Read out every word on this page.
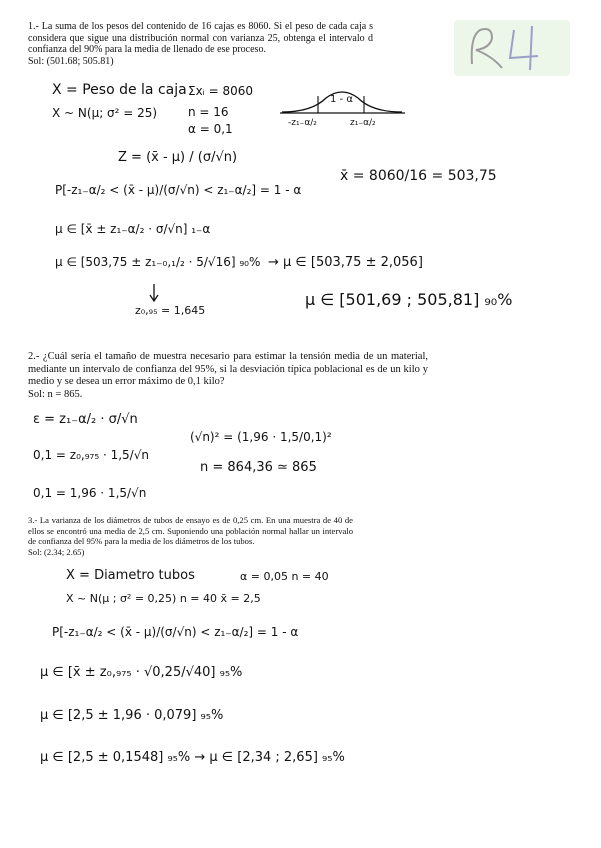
1.- La suma de los pesos del contenido de 16 cajas es 8060. Si el peso de cada caja s considera que sigue una distribución normal con varianza 25, obtenga el intervalo d confianza del 90% para la media de llenado de ese proceso.
Sol: (501.68; 505.81)

X = Peso de la caja
X ~ N(μ; σ² = 25)
Σxᵢ = 8060
n = 16
α = 0,1
1 - α
-z₁₋α/₂	z₁₋α/₂
Z = (x̄ - μ) / (σ/√n)
P[-z₁₋α/₂ < (x̄ - μ)/(σ/√n) < z₁₋α/₂] = 1 - α
x̄ = 8060/16 = 503,75
μ ∈ [x̄ ± z₁₋α/₂ · σ/√n] ₁₋α
μ ∈ [503,75 ± z₁₋₀,₁/₂ · 5/√16] ₉₀% → μ ∈ [503,75 ± 2,056]
z₀,₉₅ = 1,645
μ ∈ [501,69 ; 505,81] ₉₀%

2.- ¿Cuál sería el tamaño de muestra necesario para estimar la tensión media de un material, mediante un intervalo de confianza del 95%, si la desviación típica poblacional es de un kilo y medio y se desea un error máximo de 0,1 kilo?
Sol: n = 865.

ε = z₁₋α/₂ · σ/√n
0,1 = z₀,₉₇₅ · 1,5/√n
0,1 = 1,96 · 1,5/√n
(√n)² = (1,96 · 1,5/0,1)²
n = 864,36 ≃ 865

3.- La varianza de los diámetros de tubos de ensayo es de 0,25 cm. En una muestra de 40 de ellos se encontró una media de 2,5 cm. Suponiendo una población normal hallar un intervalo de confianza del 95% para la media de los diámetros de los tubos.
Sol: (2.34; 2.65)

X = Diametro tubos	α = 0,05 n = 40
X ~ N(μ ; σ² = 0,25) n = 40 x̄ = 2,5
P[-z₁₋α/₂ < (x̄ - μ)/(σ/√n) < z₁₋α/₂] = 1 - α
μ ∈ [x̄ ± z₀,₉₇₅ · √0,25/√40] ₉₅%
μ ∈ [2,5 ± 1,96 · 0,079] ₉₅%
μ ∈ [2,5 ± 0,1548] ₉₅% → μ ∈ [2,34 ; 2,65] ₉₅%
